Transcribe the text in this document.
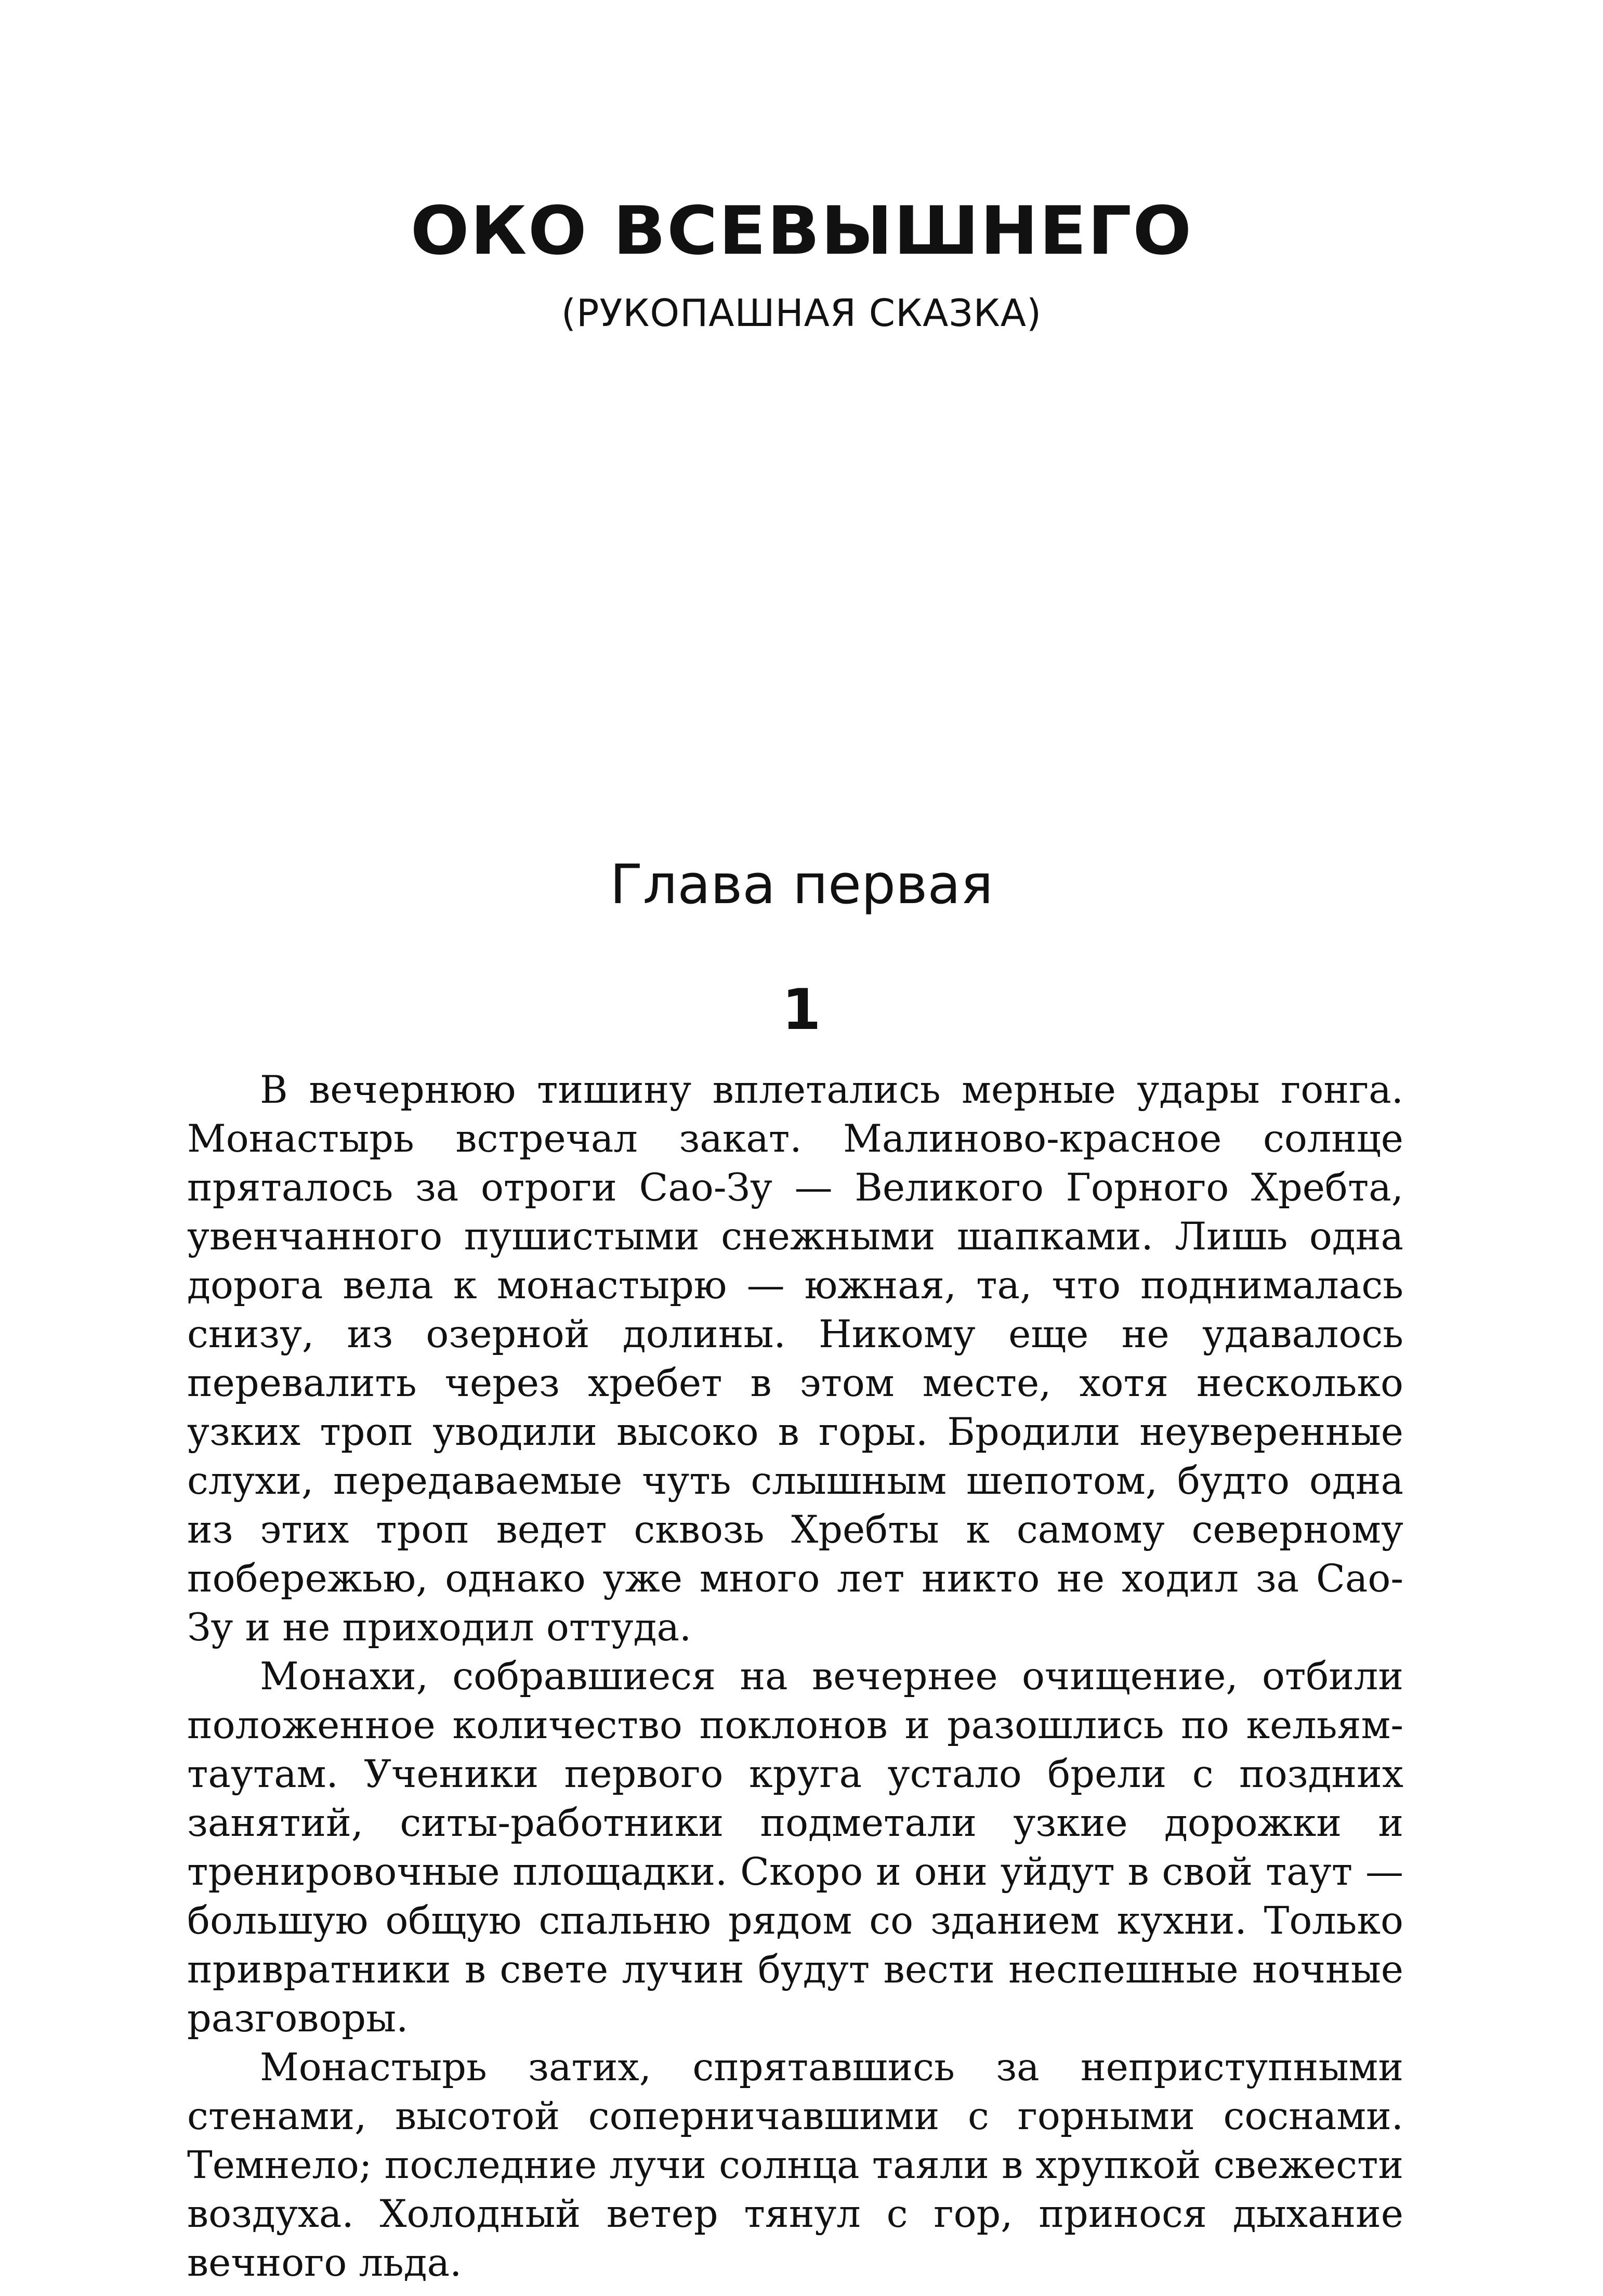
ОКО ВСЕВЫШНЕГО
(РУКОПАШНАЯ СКАЗКА)
Глава первая
1

В вечернюю тишину вплетались мерные удары гонга. Монастырь встречал закат. Малиново-красное солнце пряталось за отроги Сао-Зу — Великого Горного Хребта, увенчанного пушистыми снежными шапками. Лишь одна дорога вела к монастырю — южная, та, что поднималась снизу, из озерной долины. Никому еще не удавалось перевалить через хребет в этом месте, хотя несколько узких троп уводили высоко в горы. Бродили неуверенные слухи, передаваемые чуть слышным шепотом, будто одна из этих троп ведет сквозь Хребты к самому северному побережью, однако уже много лет никто не ходил за Сао-Зу и не приходил оттуда.

Монахи, собравшиеся на вечернее очищение, отбили положенное количество поклонов и разошлись по кельям-таутам. Ученики первого круга устало брели с поздних занятий, ситы-работники подметали узкие дорожки и тренировочные площадки. Скоро и они уйдут в свой таут — большую общую спальню рядом со зданием кухни. Только привратники в свете лучин будут вести неспешные ночные разговоры.

Монастырь затих, спрятавшись за неприступными стенами, высотой соперничавшими с горными соснами. Темнело; последние лучи солнца таяли в хрупкой свежести воздуха. Холодный ветер тянул с гор, принося дыхание вечного льда.
